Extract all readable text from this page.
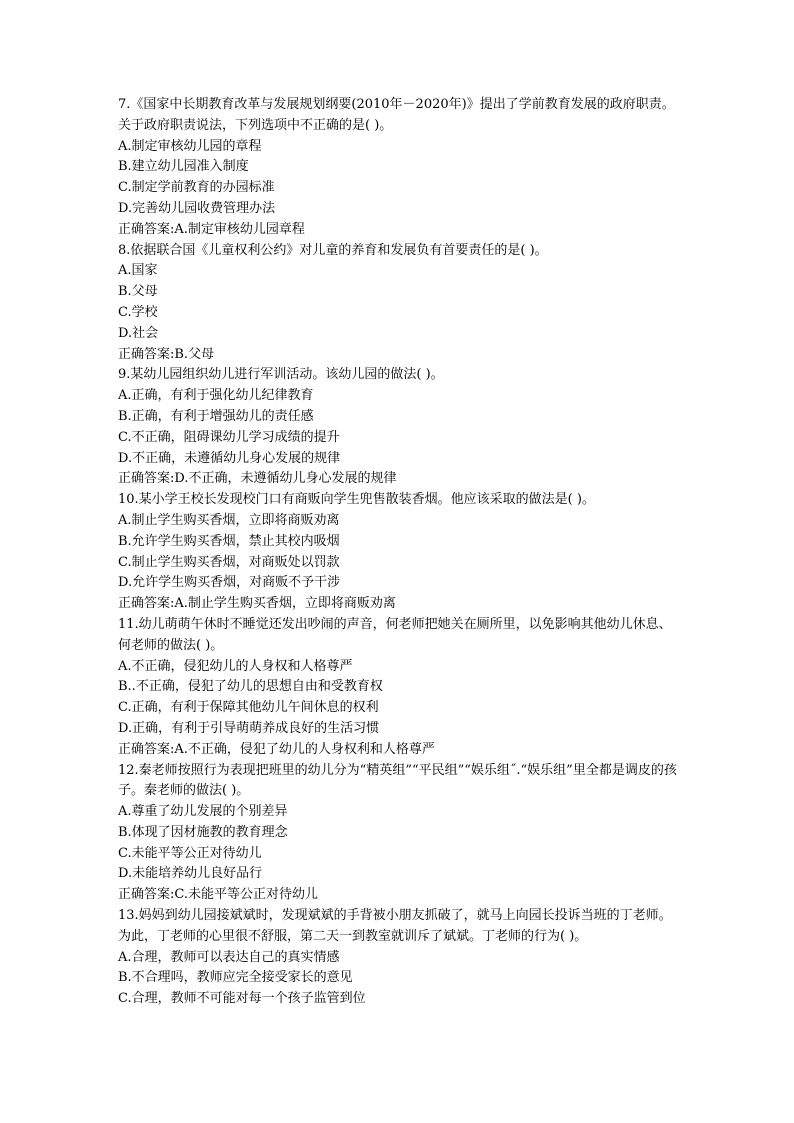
7.《国家中长期教育改革与发展规划纲要(2010年－2020年)》提出了学前教育发展的政府职责。关于政府职责说法，下列选项中不正确的是( )。
A.制定审核幼儿园的章程
B.建立幼儿园准入制度
C.制定学前教育的办园标准
D.完善幼儿园收费管理办法
正确答案:A.制定审核幼儿园章程
8.依据联合国《儿童权利公约》对儿童的养育和发展负有首要责任的是( )。
A.国家
B.父母
C.学校
D.社会
正确答案:B.父母
9.某幼儿园组织幼儿进行军训活动。该幼儿园的做法( )。
A.正确，有利于强化幼儿纪律教育
B.正确，有利于增强幼儿的责任感
C.不正确，阻碍课幼儿学习成绩的提升
D.不正确，未遵循幼儿身心发展的规律
正确答案:D.不正确，未遵循幼儿身心发展的规律
10.某小学王校长发现校门口有商贩向学生兜售散装香烟。他应该采取的做法是( )。
A.制止学生购买香烟，立即将商贩劝离
B.允许学生购买香烟，禁止其校内吸烟
C.制止学生购买香烟，对商贩处以罚款
D.允许学生购买香烟，对商贩不予干涉
正确答案:A.制止学生购买香烟，立即将商贩劝离
11.幼儿萌萌午休时不睡觉还发出吵闹的声音，何老师把她关在厕所里，以免影响其他幼儿休息、何老师的做法( )。
A.不正确，侵犯幼儿的人身权和人格尊严
B..不正确，侵犯了幼儿的思想自由和受教育权
C.正确，有利于保障其他幼儿午间休息的权利
D.正确，有利于引导萌萌养成良好的生活习惯
正确答案:A.不正确，侵犯了幼儿的人身权利和人格尊严
12.秦老师按照行为表现把班里的幼儿分为“精英组”“平民组”“娱乐组˝.“娱乐组”里全都是调皮的孩子。秦老师的做法( )。
A.尊重了幼儿发展的个别差异
B.体现了因材施教的教育理念
C.未能平等公正对待幼儿
D.未能培养幼儿良好品行
正确答案:C.未能平等公正对待幼儿
13.妈妈到幼儿园接斌斌时，发现斌斌的手背被小朋友抓破了，就马上向园长投诉当班的丁老师。为此，丁老师的心里很不舒服，第二天一到教室就训斥了斌斌。丁老师的行为( )。
A.合理，教师可以表达自己的真实情感
B.不合理吗，教师应完全接受家长的意见
C.合理，教师不可能对每一个孩子监管到位
